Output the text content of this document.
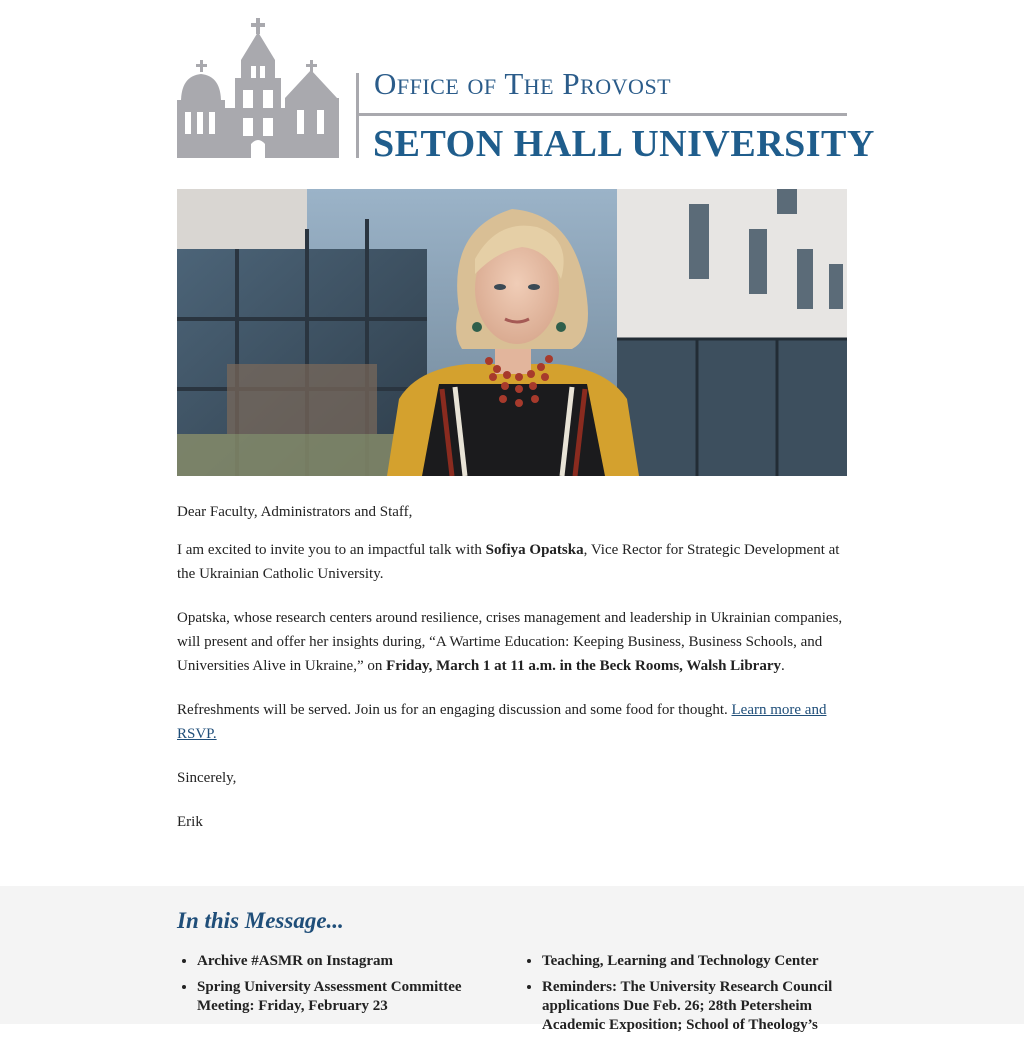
Office of The Provost
SETON HALL UNIVERSITY

Dear Faculty, Administrators and Staff,

I am excited to invite you to an impactful talk with Sofiya Opatska, Vice Rector for Strategic Development at the Ukrainian Catholic University.

Opatska, whose research centers around resilience, crises management and leadership in Ukrainian companies, will present and offer her insights during, “A Wartime Education: Keeping Business, Business Schools, and Universities Alive in Ukraine,” on Friday, March 1 at 11 a.m. in the Beck Rooms, Walsh Library.

Refreshments will be served. Join us for an engaging discussion and some food for thought. Learn more and RSVP.

Sincerely,

Erik

In this Message...
• Archive #ASMR on Instagram
• Spring University Assessment Committee Meeting: Friday, February 23
• Teaching, Learning and Technology Center
• Reminders: The University Research Council applications Due Feb. 26; 28th Petersheim Academic Exposition; School of Theology’s
